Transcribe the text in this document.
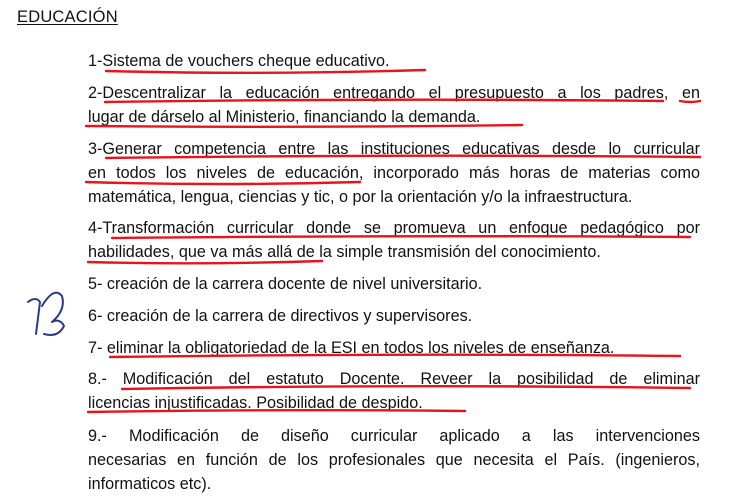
EDUCACIÓN
1-Sistema de vouchers cheque educativo.
2-Descentralizar la educación entregando el presupuesto a los padres, en
lugar de dárselo al Ministerio, financiando la demanda.
3-Generar competencia entre las instituciones educativas desde lo curricular
en todos los niveles de educación, incorporado más horas de materias como
matemática, lengua, ciencias y tic, o por la orientación y/o la infraestructura.
4-Transformación curricular donde se promueva un enfoque pedagógico por
habilidades, que va más allá de la simple transmisión del conocimiento.
5- creación de la carrera docente de nivel universitario.
6- creación de la carrera de directivos y supervisores.
7- eliminar la obligatoriedad de la ESI en todos los niveles de enseñanza.
8.- Modificación del estatuto Docente. Reveer la posibilidad de eliminar
licencias injustificadas. Posibilidad de despido.
9.- Modificación de diseño curricular aplicado a las intervenciones
necesarias en función de los profesionales que necesita el País. (ingenieros,
informaticos etc).
